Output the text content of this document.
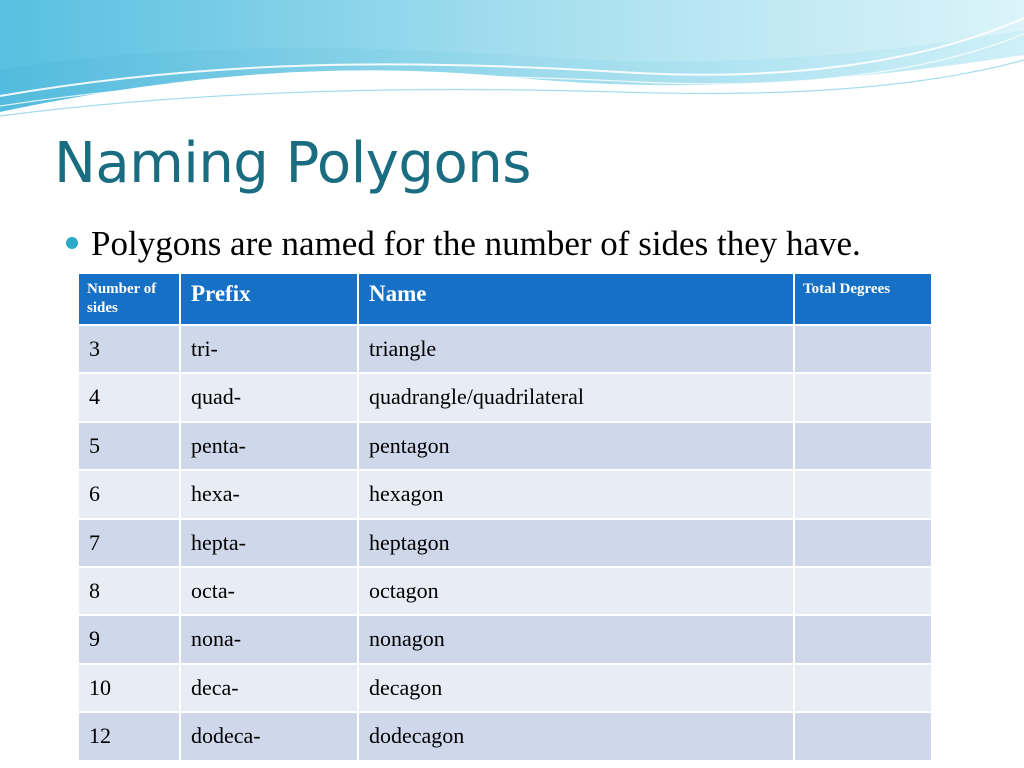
Naming Polygons
Polygons are named for the number of sides they have.
Number of sides	Prefix	Name	Total Degrees
3	tri-	triangle	
4	quad-	quadrangle/quadrilateral	
5	penta-	pentagon	
6	hexa-	hexagon	
7	hepta-	heptagon	
8	octa-	octagon	
9	nona-	nonagon	
10	deca-	decagon	
12	dodeca-	dodecagon	
